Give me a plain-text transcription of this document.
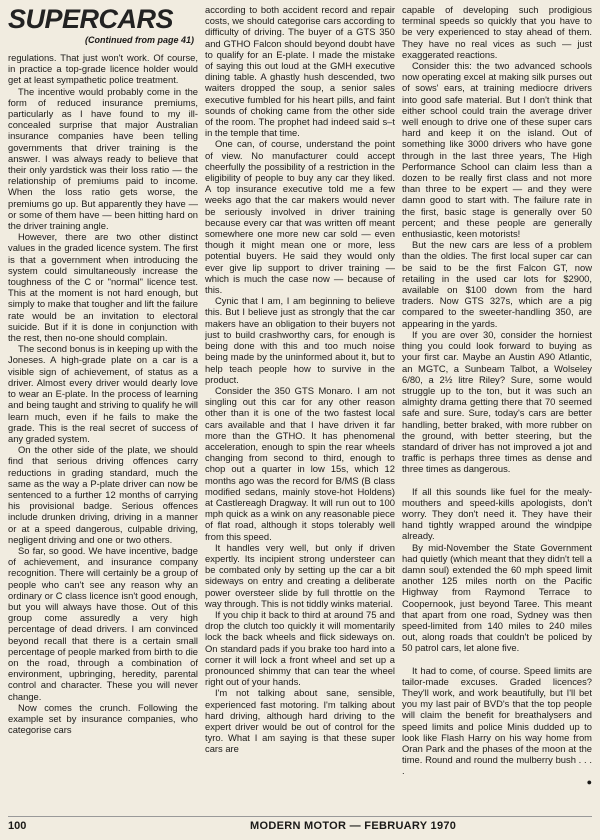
SUPERCARS
(Continued from page 41)

regulations. That just won't work. Of course, in practice a top-grade licence holder would get at least sympathetic police treatment.

The incentive would probably come in the form of reduced insurance premiums, particularly as I have found to my ill-concealed surprise that major Australian insurance companies have been telling governments that driver training is the answer. I was always ready to believe that their only yardstick was their loss ratio — the relationship of premiums paid to income. When the loss ratio gets worse, the premiums go up. But apparently they have — or some of them have — been hitting hard on the driver training angle.

However, there are two other distinct values in the graded licence system. The first is that a government when introducing the system could simultaneously increase the toughness of the C or "normal" licence test. This at the moment is not hard enough, but simply to make that tougher and lift the failure rate would be an invitation to electoral suicide. But if it is done in conjunction with the rest, then no-one should complain.

The second bonus is in keeping up with the Joneses. A high-grade plate on a car is a visible sign of achievement, of status as a driver. Almost every driver would dearly love to wear an E-plate. In the process of learning and being taught and striving to qualify he will learn much, even if he fails to make the grade. This is the real secret of success of any graded system.

On the other side of the plate, we should find that serious driving offences carry reductions in grading standard, much the same as the way a P-plate driver can now be sentenced to a further 12 months of carrying his provisional badge. Serious offences include drunken driving, driving in a manner or at a speed dangerous, culpable driving, negligent driving and one or two others.

So far, so good. We have incentive, badge of achievement, and insurance company recognition. There will certainly be a group of people who can't see any reason why an ordinary or C class licence isn't good enough, but you will always have those. Out of this group come assuredly a very high percentage of dead drivers. I am convinced beyond recall that there is a certain small percentage of people marked from birth to die on the road, through a combination of environment, upbringing, heredity, parental control and character. These you will never change.

Now comes the crunch. Following the example set by insurance companies, who categorise cars

according to both accident record and repair costs, we should categorise cars according to difficulty of driving. The buyer of a GTS 350 and GTHO Falcon should beyond doubt have to qualify for an E-plate. I made the mistake of saying this out loud at the GMH executive dining table. A ghastly hush descended, two waiters dropped the soup, a senior sales executive fumbled for his heart pills, and faint sounds of choking came from the other side of the room. The prophet had indeed said s–t in the temple that time.

One can, of course, understand the point of view. No manufacturer could accept cheerfully the possibility of a restriction in the eligibility of people to buy any car they liked. A top insurance executive told me a few weeks ago that the car makers would never be seriously involved in driver training because every car that was written off meant somewhere one more new car sold — even though it might mean one or more, less potential buyers. He said they would only ever give lip support to driver training — which is much the case now — because of this.

Cynic that I am, I am beginning to believe this. But I believe just as strongly that the car makers have an obligation to their buyers not just to build crashworthy cars, for enough is being done with this and too much noise being made by the uninformed about it, but to help teach people how to survive in the product.

Consider the 350 GTS Monaro. I am not singling out this car for any other reason other than it is one of the two fastest local cars available and that I have driven it far more than the GTHO. It has phenomenal acceleration, enough to spin the rear wheels changing from second to third, enough to chop out a quarter in low 15s, which 12 months ago was the record for B/MS (B class modified sedans, mainly stove-hot Holdens) at Castlereagh Dragway. It will run out to 100 mph quick as a wink on any reasonable piece of flat road, although it stops tolerably well from this speed.

It handles very well, but only if driven expertly. Its incipient strong understeer can be combated only by setting up the car a bit sideways on entry and creating a deliberate power oversteer slide by full throttle on the way through. This is not tiddly winks material.

If you chip it back to third at around 75 and drop the clutch too quickly it will momentarily lock the back wheels and flick sideways on. On standard pads if you brake too hard into a corner it will lock a front wheel and set up a pronounced shimmy that can tear the wheel right out of your hands.

I'm not talking about sane, sensible, experienced fast motoring. I'm talking about hard driving, although hard driving to the expert driver would be out of control for the tyro. What I am saying is that these super cars are

capable of developing such prodigious terminal speeds so quickly that you have to be very experienced to stay ahead of them. They have no real vices as such — just exaggerated reactions.

Consider this: the two advanced schools now operating excel at making silk purses out of sows' ears, at training mediocre drivers into good safe material. But I don't think that either school could train the average driver well enough to drive one of these super cars hard and keep it on the island. Out of something like 3000 drivers who have gone through in the last three years, The High Performance School can claim less than a dozen to be really first class and not more than three to be expert — and they were damn good to start with. The failure rate in the first, basic stage is generally over 50 percent; and these people are generally enthusiastic, keen motorists!

But the new cars are less of a problem than the oldies. The first local super car can be said to be the first Falcon GT, now retailing in the used car lots for $2900, available on $100 down from the hard traders. Now GTS 327s, which are a pig compared to the sweeter-handling 350, are appearing in the yards.

If you are over 30, consider the horniest thing you could look forward to buying as your first car. Maybe an Austin A90 Atlantic, an MGTC, a Sunbeam Talbot, a Wolseley 6/80, a 2½ litre Riley? Sure, some would struggle up to the ton, but it was such an almighty drama getting there that 70 seemed safe and sure. Sure, today's cars are better handling, better braked, with more rubber on the ground, with better steering, but the standard of driver has not improved a jot and traffic is perhaps three times as dense and three times as dangerous.

If all this sounds like fuel for the mealy-mouthers and speed-kills apologists, don't worry. They don't need it. They have their hand tightly wrapped around the windpipe already.

By mid-November the State Government had quietly (which meant that they didn't tell a damn soul) extended the 60 mph speed limit another 125 miles north on the Pacific Highway from Raymond Terrace to Coopernook, just beyond Taree. This meant that apart from one road, Sydney was then speed-limited from 140 miles to 240 miles out, along roads that couldn't be policed by 50 patrol cars, let alone five.

It had to come, of course. Speed limits are tailor-made excuses. Graded licences? They'll work, and work beautifully, but I'll bet you my last pair of BVD's that the top people will claim the benefit for breathalysers and speed limits and police Minis dudded up to look like Flash Harry on his way home from Oran Park and the phases of the moon at the time. Round and round the mulberry bush . . . .

●
100	MODERN MOTOR — FEBRUARY 1970
